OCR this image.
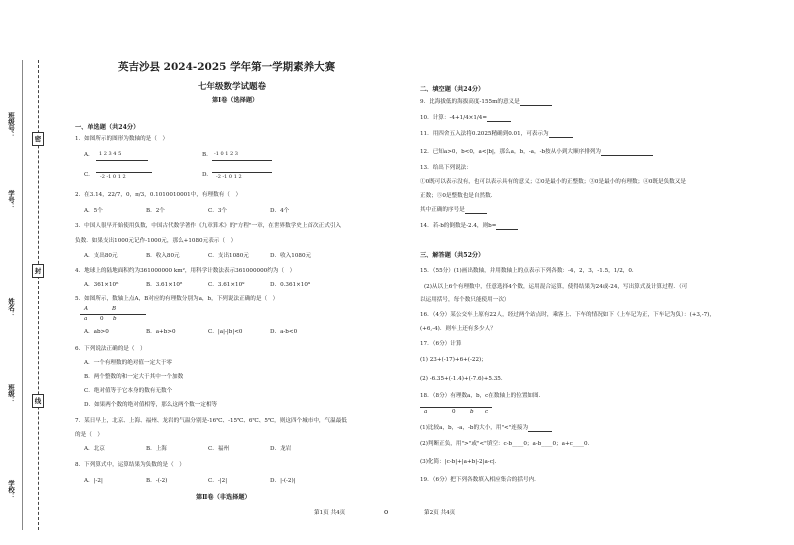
密
封
线
班级号：
学号：
姓名：
班级：
学校：
英吉沙县 2024-2025 学年第一学期素养大赛
七年级数学试题卷
第Ⅰ卷（选择题）
一、单选题（共24分）
1．如图所示的图形为数轴的是（　）
A. 1 2 3 4 5	B. -1 0 1 2 3
C. -2 -1 0 1 2	D. -2 -1 0 1 2
2．在3.14，22/7，0，π/3，0.1010010001中，有理数有（　）
A．5个	B．2个	C．3个	D．4个
3．中国人很早开始使用负数，中国古代数学著作《九章算术》的"方程"一章，在世界数学史上首次正式引入
负数．如果支出1000元记作-1000元，那么+1080元表示（　）
A．支出80元	B．收入80元	C．支出1080元	D．收入1080元
4．地球上的陆地面积约为361000000 km²，用科学计数法表示361000000约为（　）
A．361×10⁶	B．3.61×10⁸	C．3.61×10⁹	D．0.361×10⁹
5．如图所示，数轴上点A，B对应的有理数分别为a，b，下列说法正确的是（　）
A	B
a 0 b
A．ab>0	B．a+b>0	C．|a|-|b|<0	D．a-b<0
6．下列说法正确的是（　）
A．一个有理数的绝对值一定大于零
B．两个整数的和一定大于其中一个加数
C．绝对值等于它本身的数有无数个
D．如果两个数的绝对值相等，那么这两个数一定相等
7．某日早上，北京、上海、福州、龙岩的气温分别是-16℃、-15℃、6℃、5℃，则这四个城市中，气温最低
的是（　）
A．北京	B．上海	C．福州	D．龙岩
8．下列算式中，运算结果为负数的是（　）
A．|-2|	B．-(-2)	C．-|2|	D．|-(-2)|
第Ⅱ卷（非选择题）
第1页 共4页	o
二、填空题（共24分）
9．比海拔低的海拔高度-155m的意义是
10．计算：-4+1/4×1/4=
11．用四舍五入法将0.2025精确到0.01，可表示为
12．已知a>0，b<0，a<|b|，那么a，b，-a，-b按从小到大顺序排列为
13．给出下列说法：
①0既可以表示没有，也可以表示具有的意义；②0是最小的正整数；③0是最小的有理数；④0既是负数又是
正数；⑤0是整数也是自然数．
其中正确的序号是
14．若-b的倒数是-2.4，则b=
三、解答题（共52分）
15．（55分）(1)画出数轴，并用数轴上的点表示下列各数：-4，2，3，-1.5，1/2，0．
(2)从以上6个有理数中，任意选择4个数，运用混合运算，使得结果为24或-24，写出算式及计算过程．（可
以运用括号，每个数只能使用一次）
16．（4分）某公交车上原有22人，经过两个站点时，乘客上、下车的情况如下（上车记为正，下车记为负）：(+3,-7)，
(+6,-4)．则车上还有多少人？
17．（6分）计算
(1) 23+(-17)+6+(-22)；
(2) -6.35+(-1.4)+(-7.6)+5.35．
18．（8分）有理数a，b，c在数轴上的位置如图．
a	0	b c
(1)比较a，b，-a，-b的大小，用"<"连接为
(2)判断正负，用">"或"<"填空：c-b____0；a-b____0；a+c____0．
(3)化简：|c-b|+|a+b|-2|a-c|．
19．（6分）把下列各数填入相应集合的括号内．
第2页 共4页
